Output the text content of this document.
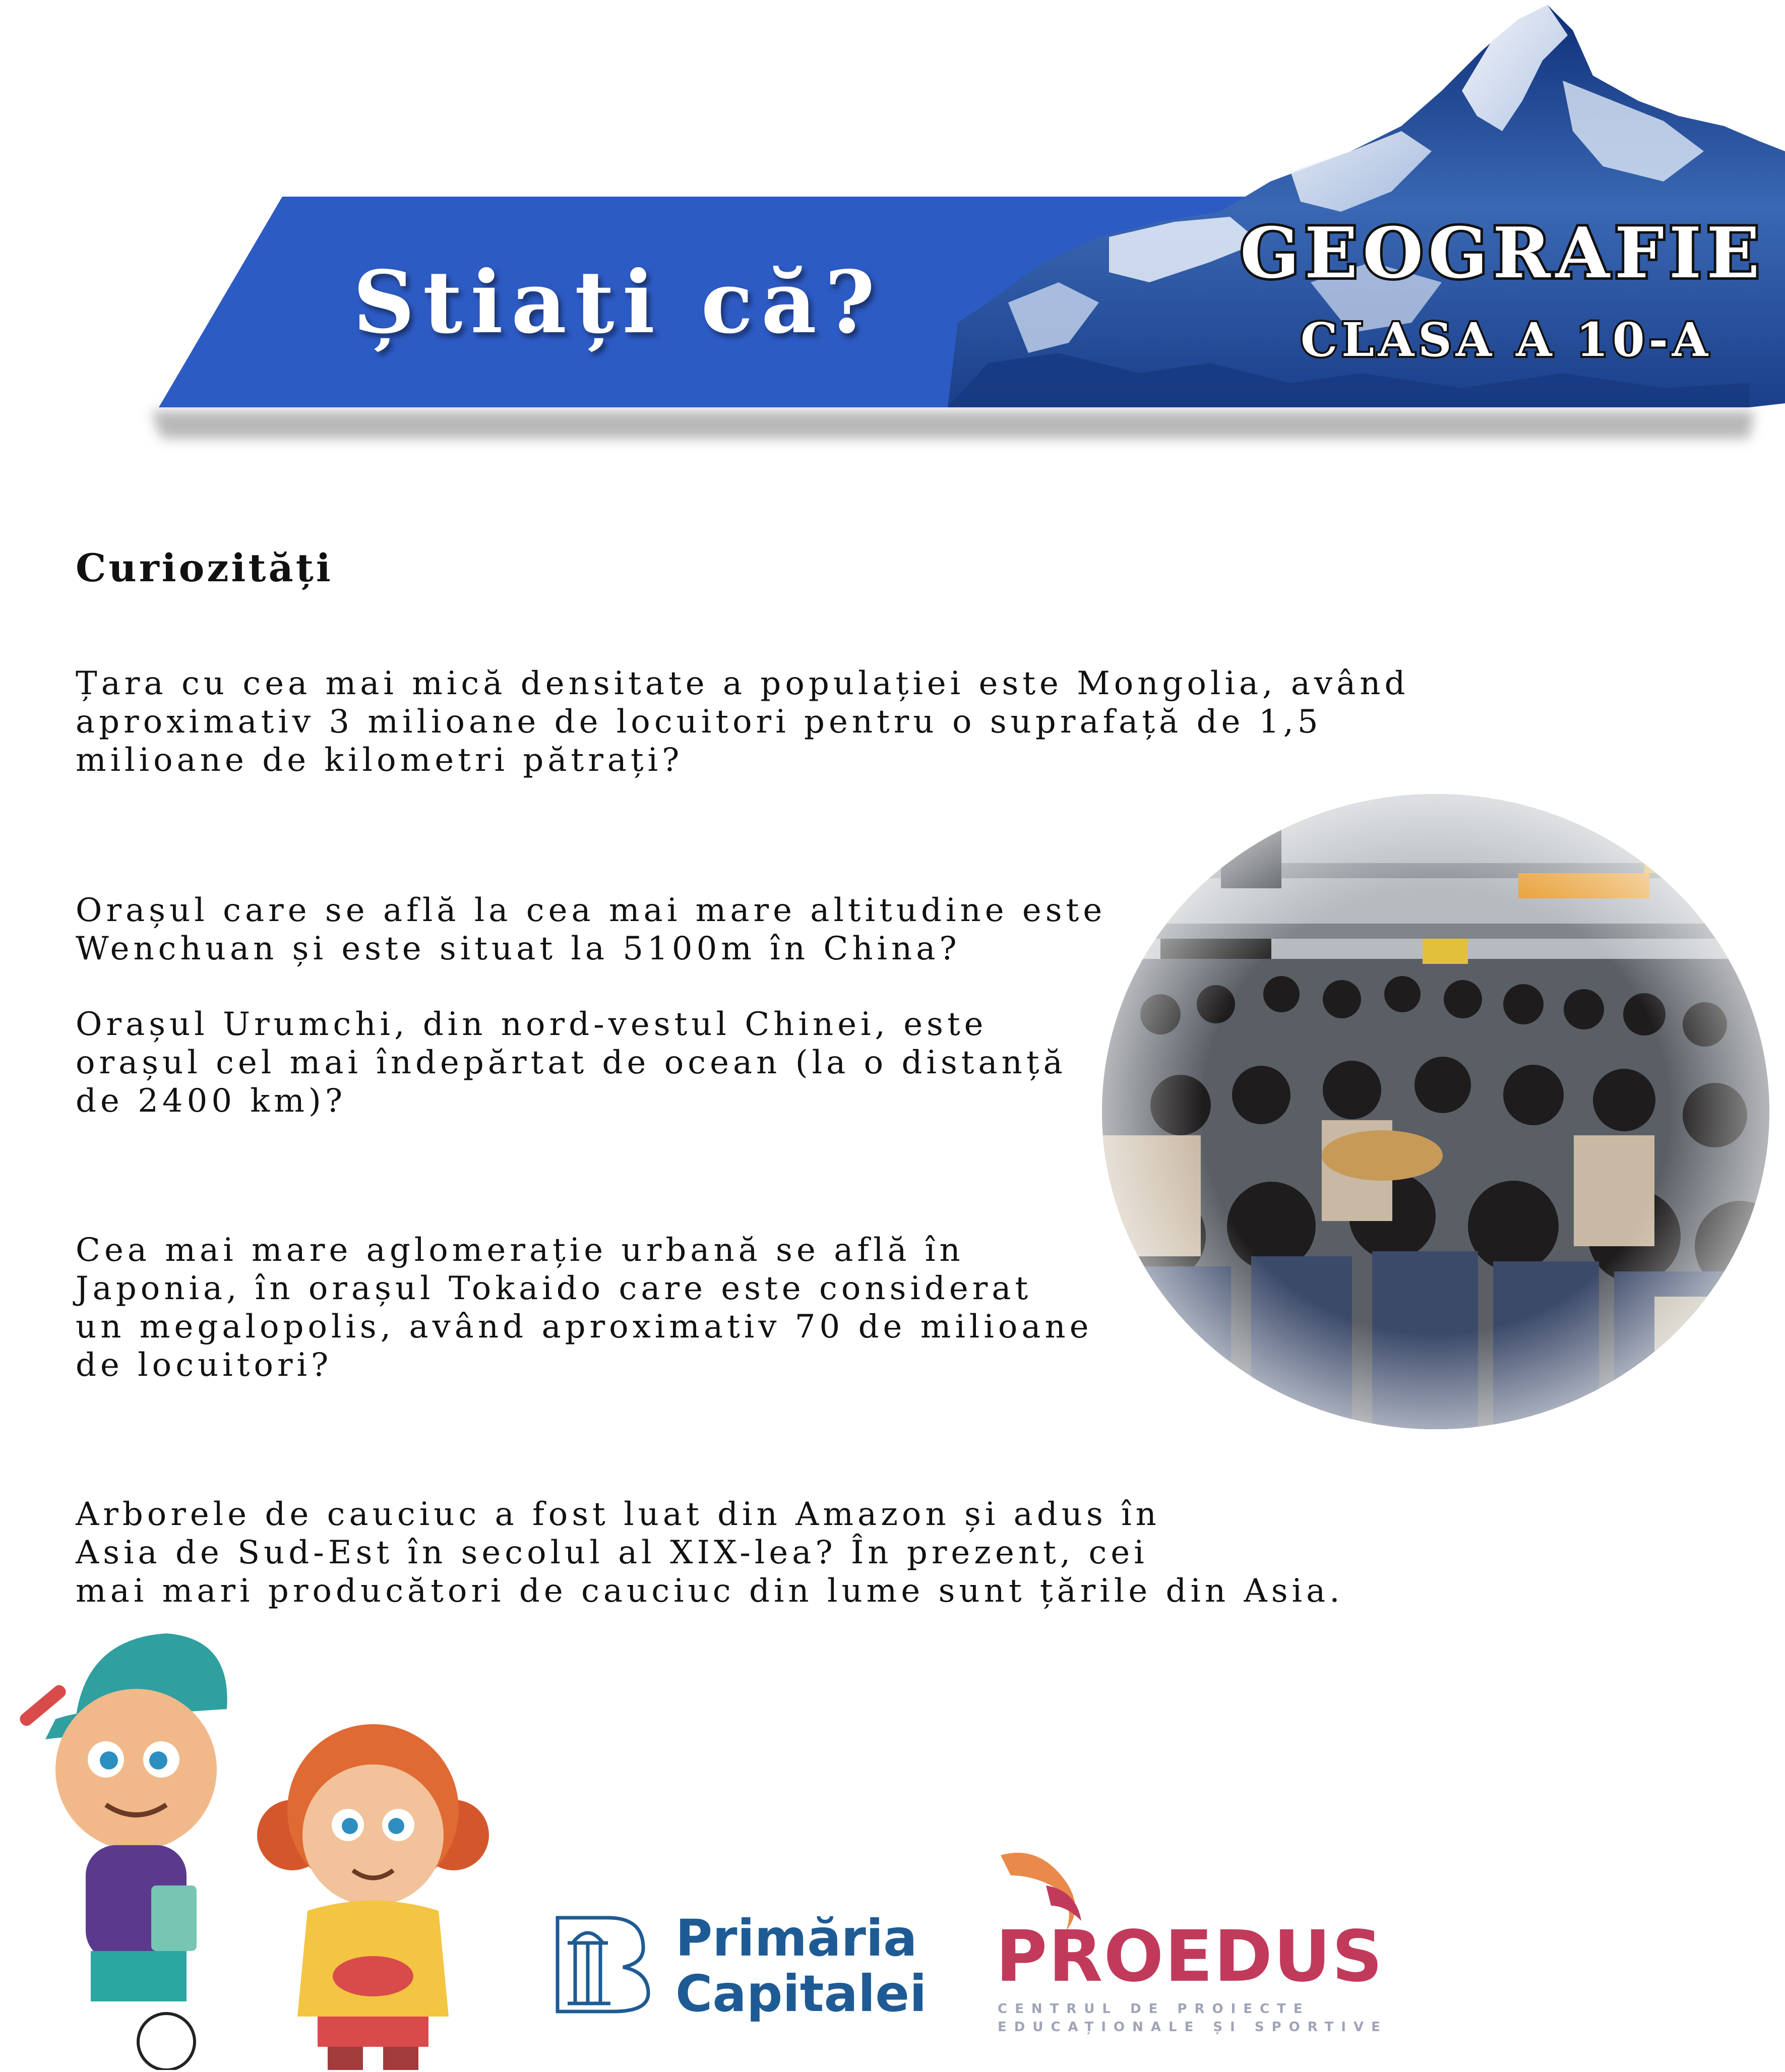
Știați că?	GEOGRAFIE
CLASA A 10-A
Curiozități

Țara cu cea mai mică densitate a populației este Mongolia, având
aproximativ 3 milioane de locuitori pentru o suprafață de 1,5
milioane de kilometri pătrați?

Orașul care se află la cea mai mare altitudine este
Wenchuan și este situat la 5100m în China?

Orașul Urumchi, din nord-vestul Chinei, este
orașul cel mai îndepărtat de ocean (la o distanță
de 2400 km)?

Cea mai mare aglomerație urbană se află în
Japonia, în orașul Tokaido care este considerat
un megalopolis, având aproximativ 70 de milioane
de locuitori?

Arborele de cauciuc a fost luat din Amazon și adus în
Asia de Sud-Est în secolul al XIX-lea? În prezent, cei
mai mari producători de cauciuc din lume sunt țările din Asia.

Primăria
Capitalei PROEDUS
CENTRUL DE PROIECTE
EDUCAȚIONALE ȘI SPORTIVE
